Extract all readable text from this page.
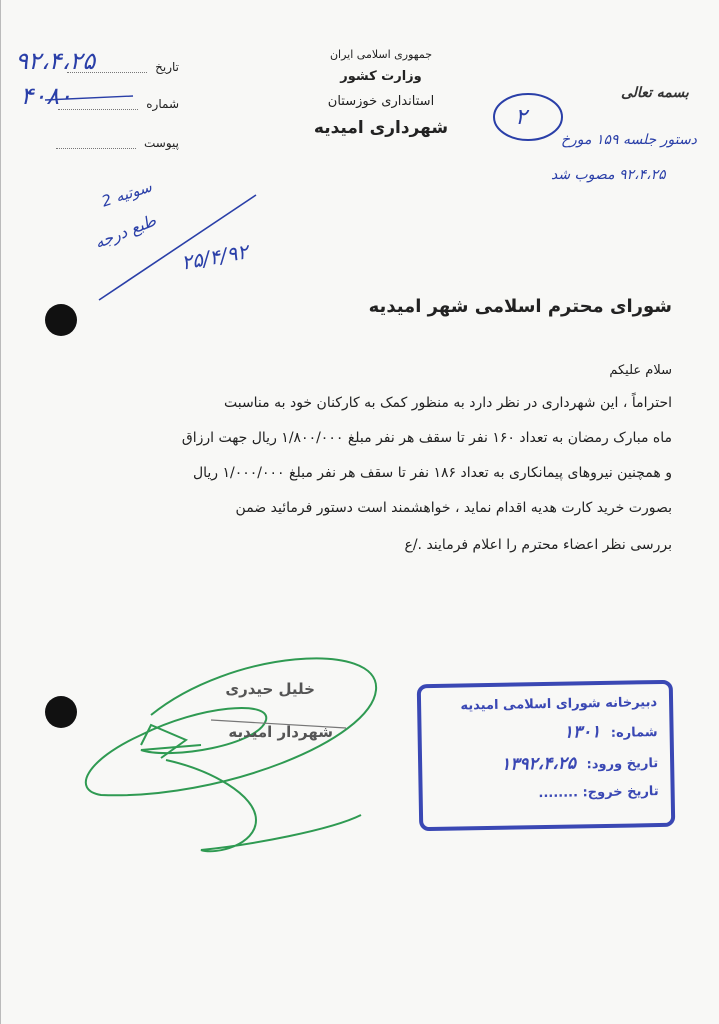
جمهوری اسلامی ایران
وزارت کشور
استانداری خوزستان
شهرداری امیدیه
تاریخ
۹۲،۴،۲۵
شماره
۴۰۸۰
پیوست
۲
بسمه تعالی
دستور جلسه ۱۵۹ مورخ
۹۲،۴،۲۵ مصوب شد
سوتیه 2
طبع درجه
۲۵/۴/۹۲
شورای محترم اسلامی شهر امیدیه
سلام علیکم
احتراماً ، این شهرداری در نظر دارد به منظور کمک به کارکنان خود به مناسبت
ماه مبارک رمضان به تعداد ۱۶۰ نفر تا سقف هر نفر مبلغ ۱/۸۰۰/۰۰۰ ریال جهت ارزاق
و همچنین نیروهای پیمانکاری به تعداد ۱۸۶ نفر تا سقف هر نفر مبلغ ۱/۰۰۰/۰۰۰ ریال
بصورت خرید کارت هدیه اقدام نماید ، خواهشمند است دستور فرمائید ضمن
بررسی نظر اعضاء محترم را اعلام فرمایند ./ع
خلیل حیدری
شهردار امیدیه
دبیرخانه شورای اسلامی امیدیه
شماره: ۱۳۰۱
تاریخ ورود: ۱۳۹۲،۴،۲۵
تاریخ خروج: ........
